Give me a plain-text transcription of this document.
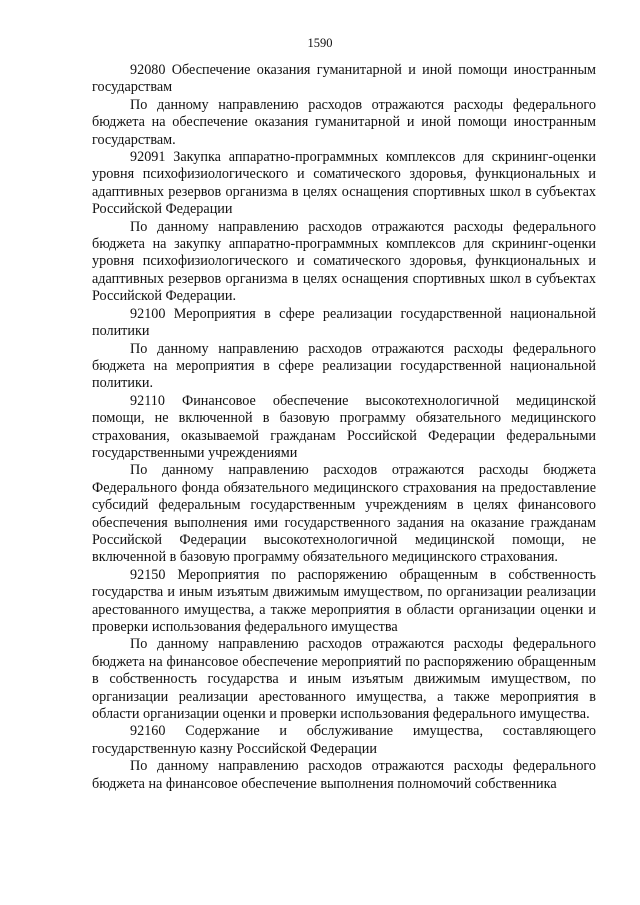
1590

92080 Обеспечение оказания гуманитарной и иной помощи иностранным государствам

По данному направлению расходов отражаются расходы федерального бюджета на обеспечение оказания гуманитарной и иной помощи иностранным государствам.

92091 Закупка аппаратно-программных комплексов для скрининг-оценки уровня психофизиологического и соматического здоровья, функциональных и адаптивных резервов организма в целях оснащения спортивных школ в субъектах Российской Федерации

По данному направлению расходов отражаются расходы федерального бюджета на закупку аппаратно-программных комплексов для скрининг-оценки уровня психофизиологического и соматического здоровья, функциональных и адаптивных резервов организма в целях оснащения спортивных школ в субъектах Российской Федерации.

92100 Мероприятия в сфере реализации государственной национальной политики

По данному направлению расходов отражаются расходы федерального бюджета на мероприятия в сфере реализации государственной национальной политики.

92110 Финансовое обеспечение высокотехнологичной медицинской помощи, не включенной в базовую программу обязательного медицинского страхования, оказываемой гражданам Российской Федерации федеральными государственными учреждениями

По данному направлению расходов отражаются расходы бюджета Федерального фонда обязательного медицинского страхования на предоставление субсидий федеральным государственным учреждениям в целях финансового обеспечения выполнения ими государственного задания на оказание гражданам Российской Федерации высокотехнологичной медицинской помощи, не включенной в базовую программу обязательного медицинского страхования.

92150 Мероприятия по распоряжению обращенным в собственность государства и иным изъятым движимым имуществом, по организации реализации арестованного имущества, а также мероприятия в области организации оценки и проверки использования федерального имущества

По данному направлению расходов отражаются расходы федерального бюджета на финансовое обеспечение мероприятий по распоряжению обращенным в собственность государства и иным изъятым движимым имуществом, по организации реализации арестованного имущества, а также мероприятия в области организации оценки и проверки использования федерального имущества.

92160 Содержание и обслуживание имущества, составляющего государственную казну Российской Федерации

По данному направлению расходов отражаются расходы федерального бюджета на финансовое обеспечение выполнения полномочий собственника
